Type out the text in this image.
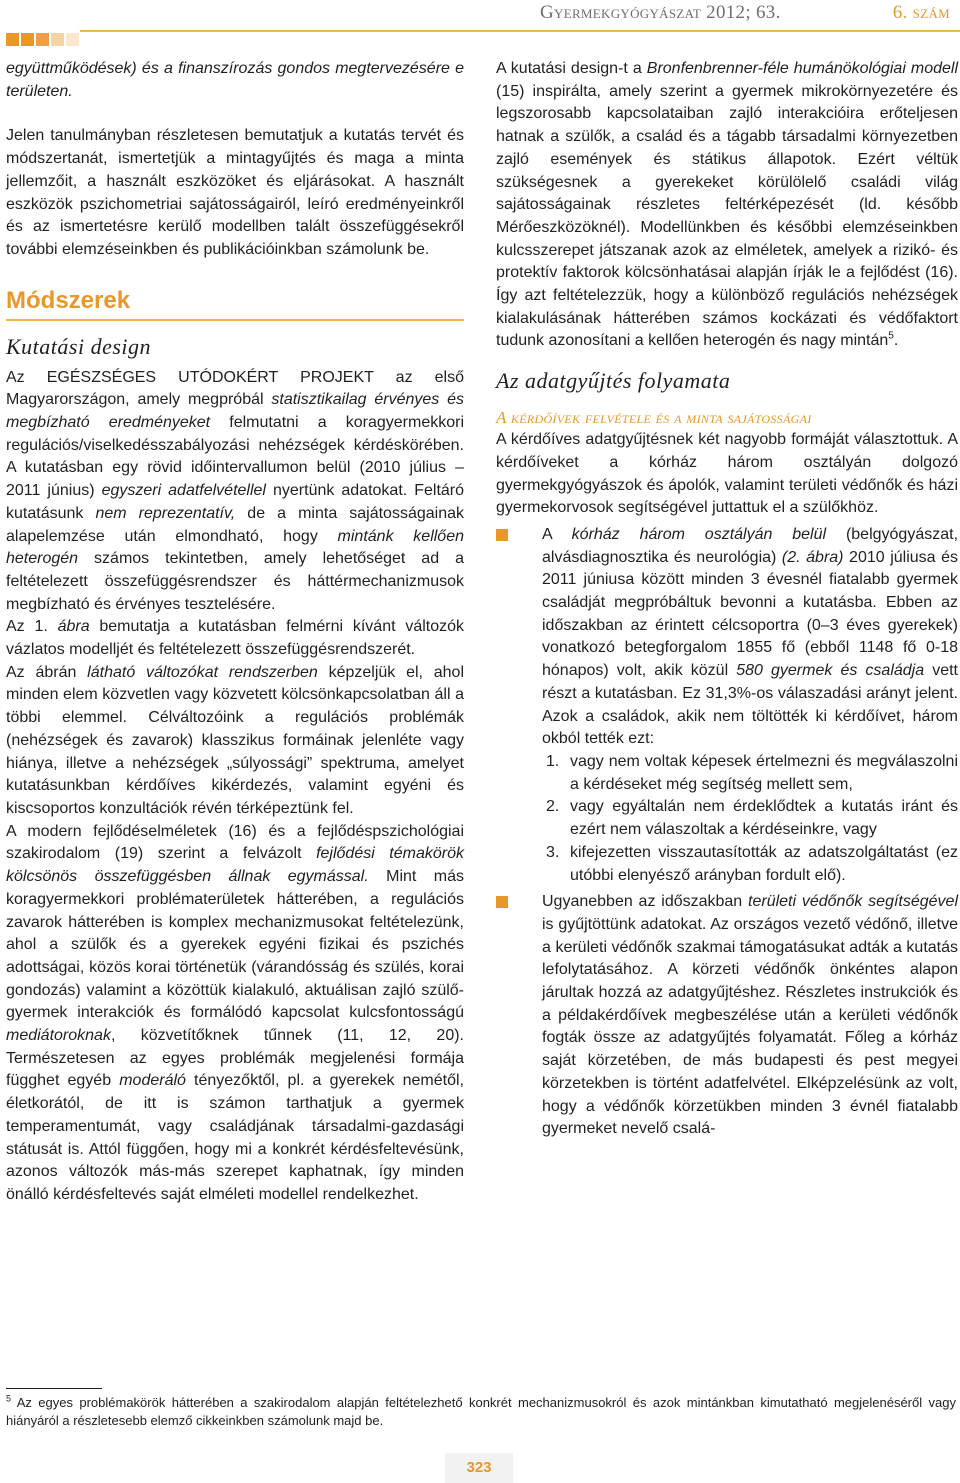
Gyermekgyógyászat 2012; 63.	6. szám

együttműködések) és a finanszírozás gondos megtervezésére e területen.

Jelen tanulmányban részletesen bemutatjuk a kutatás tervét és módszertanát, ismertetjük a mintagyűjtés és maga a minta jellemzőit, a használt eszközöket és eljárásokat. A használt eszközök pszichometriai sajátosságairól, leíró eredményeinkről és az ismertetésre kerülő modellben talált összefüggésekről további elemzéseinkben és publikációinkban számolunk be.

Módszerek
Kutatási design

Az EGÉSZSÉGES UTÓDOKÉRT PROJEKT az első Magyarországon, amely megpróbál statisztikailag érvényes és megbízható eredményeket felmutatni a koragyermekkori regulációs/viselkedésszabályozási nehézségek kérdéskörében. A kutatásban egy rövid időintervallumon belül (2010 július – 2011 június) egyszeri adatfelvétellel nyertünk adatokat. Feltáró kutatásunk nem reprezentatív, de a minta sajátosságainak alapelemzése után elmondható, hogy mintánk kellően heterogén számos tekintetben, amely lehetőséget ad a feltételezett összefüggésrendszer és háttérmechanizmusok megbízható és érvényes tesztelésére.

Az 1. ábra bemutatja a kutatásban felmérni kívánt változók vázlatos modelljét és feltételezett összefüggésrendszerét.

Az ábrán látható változókat rendszerben képzeljük el, ahol minden elem közvetlen vagy közvetett kölcsönkapcsolatban áll a többi elemmel. Célváltozóink a regulációs problémák (nehézségek és zavarok) klasszikus formáinak jelenléte vagy hiánya, illetve a nehézségek „súlyossági” spektruma, amelyet kutatásunkban kérdőíves kikérdezés, valamint egyéni és kiscsoportos konzultációk révén térképeztünk fel.

A modern fejlődéselméletek (16) és a fejlődéspszichológiai szakirodalom (19) szerint a felvázolt fejlődési témakörök kölcsönös összefüggésben állnak egymással. Mint más koragyermekkori problématerületek hátterében, a regulációs zavarok hátterében is komplex mechanizmusokat feltételezünk, ahol a szülők és a gyerekek egyéni fizikai és pszichés adottságai, közös korai történetük (várandósság és szülés, korai gondozás) valamint a közöttük kialakuló, aktuálisan zajló szülő-gyermek interakciók és formálódó kapcsolat kulcsfontosságú mediátoroknak, közvetítőknek tűnnek (11, 12, 20). Természetesen az egyes problémák megjelenési formája függhet egyéb moderáló tényezőktől, pl. a gyerekek nemétől, életkorától, de itt is számon tarthatjuk a gyermek temperamentumát, vagy családjának társadalmi-gazdasági státusát is. Attól függően, hogy mi a konkrét kérdésfeltevésünk, azonos változók más-más szerepet kaphatnak, így minden önálló kérdésfeltevés saját elméleti modellel rendelkezhet.

A kutatási design-t a Bronfenbrenner-féle humánökológiai modell (15) inspirálta, amely szerint a gyermek mikrokörnyezetére és legszorosabb kapcsolataiban zajló interakcióira erőteljesen hatnak a szülők, a család és a tágabb társadalmi környezetben zajló események és státikus állapotok. Ezért véltük szükségesnek a gyerekeket körülölelő családi világ sajátosságainak részletes feltérképezését (ld. később Mérőeszközöknél). Modellünkben és későbbi elemzéseinkben kulcsszerepet játszanak azok az elméletek, amelyek a rizikó- és protektív faktorok kölcsönhatásai alapján írják le a fejlődést (16). Így azt feltételezzük, hogy a különböző regulációs nehézségek kialakulásának hátterében számos kockázati és védőfaktort tudunk azonosítani a kellően heterogén és nagy mintán$^5$.

Az adatgyűjtés folyamata
A kérdőívek felvétele és a minta sajátosságai

A kérdőíves adatgyűjtésnek két nagyobb formáját választottuk. A kérdőíveket a kórház három osztályán dolgozó gyermekgyógyászok és ápolók, valamint területi védőnők és házi gyermekorvosok segítségével juttattuk el a szülőkhöz.

A kórház három osztályán belül (belgyógyászat, alvásdiagnosztika és neurológia) (2. ábra) 2010 júliusa és 2011 júniusa között minden 3 évesnél fiatalabb gyermek családját megpróbáltuk bevonni a kutatásba. Ebben az időszakban az érintett célcsoportra (0–3 éves gyerekek) vonatkozó betegforgalom 1855 fő (ebből 1148 fő 0-18 hónapos) volt, akik közül 580 gyermek és családja vett részt a kutatásban. Ez 31,3%-os válaszadási arányt jelent. Azok a családok, akik nem töltötték ki kérdőívet, három okból tették ezt:
1. vagy nem voltak képesek értelmezni és megválaszolni a kérdéseket még segítség mellett sem,
2. vagy egyáltalán nem érdeklődtek a kutatás iránt és ezért nem válaszoltak a kérdéseinkre, vagy
3. kifejezetten visszautasították az adatszolgáltatást (ez utóbbi elenyésző arányban fordult elő).
Ugyanebben az időszakban területi védőnők segítségével is gyűjtöttünk adatokat. Az országos vezető védőnő, illetve a kerületi védőnők szakmai támogatásukat adták a kutatás lefolytatásához. A körzeti védőnők önkéntes alapon járultak hozzá az adatgyűjtéshez. Részletes instrukciók és a példakérdőívek megbeszélése után a kerületi védőnők fogták össze az adatgyűjtés folyamatát. Főleg a kórház saját körzetében, de más budapesti és pest megyei körzetekben is történt adatfelvétel. Elképzelésünk az volt, hogy a védőnők körzetükben minden 3 évnél fiatalabb gyermeket nevelő csalá-
$^5$ Az egyes problémakörök hátterében a szakirodalom alapján feltételezhető konkrét mechanizmusokról és azok mintánkban kimutatható megjelenéséről vagy hiányáról a részletesebb elemző cikkeinkben számolunk majd be.
323
